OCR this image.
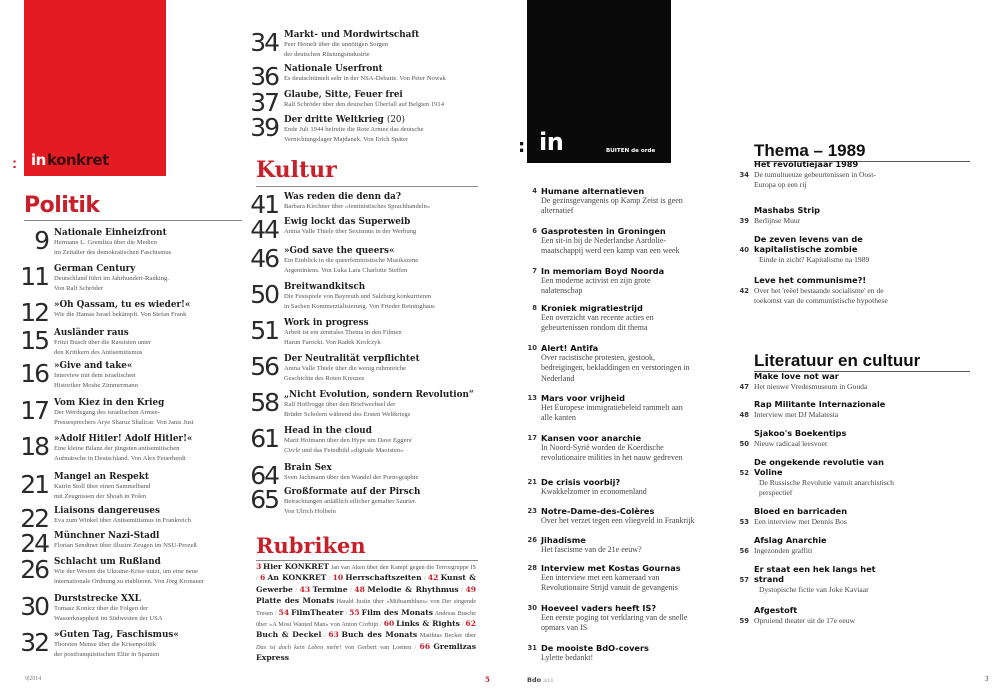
: in konkret
Politik
9 Nationale Einheizfront
Hermann L. Gremliza über die Medien
im Zeitalter des demokratischen Faschismus
11 German Century
Deutschland führt im Jahrhundert-Ranking.
Von Ralf Schröder
12 »Oh Qassam, tu es wieder!«
Wie die Hamas Israel bekämpft. Von Stefan Frank
15 Ausländer raus
Fritzi Busch über die Rassisten unter
den Kritikern des Antisemitismus
16 »Give and take«
Interview mit dem israelischen
Historiker Moshe Zimmermann
17 Vom Kiez in den Krieg
Der Werdegang des israelischen Armee-
Pressesprechers Arye Sharuz Shalicar. Von Janis Just
18 »Adolf Hitler! Adolf Hitler!«
Eine kleine Bilanz der jüngsten antisemitischen
Aufmärsche in Deutschland. Von Alex Feuerherdt
21 Mangel an Respekt
Katrin Stoll über einen Sammelband
mit Zeugnissen der Shoah in Polen
22 Liaisons dangereuses
Eva zum Winkel über Antisemitismus in Frankreich
24 Münchner Nazi-Stadl
Florian Sendtner über illustre Zeugen im NSU-Prozeß
26 Schlacht um Rußland
Wie der Westen die Ukraine-Krise nutzt, um eine neue
internationale Ordnung zu etablieren. Von Jörg Kronauer
30 Durststrecke XXL
Tomasz Konicz über die Folgen der
Wasserknappheit im Südwesten der USA
32 »Guten Tag, Faschismus«
Thorsten Mense über die Krisenpolitik
der postfranquistischen Elite in Spanien
34 Markt- und Mordwirtschaft
Peer Heinelt über die unnötigen Sorgen
der deutschen Rüstungsindustrie
36 Nationale Userfront
Es deutschtümelt sehr in der NSA-Debatte. Von Peter Nowak
37 Glaube, Sitte, Feuer frei
Ralf Schröder über den deutschen Überfall auf Belgien 1914
39 Der dritte Weltkrieg (20)
Ende Juli 1944 befreite die Rote Armee das deutsche
Vernichtungslager Majdanek. Von Erich Später
Kultur
41 Was reden die denn da?
Barbara Kirchner über »feministisches Sprachhandeln«
44 Ewig lockt das Superweib
Anina Valle Thiele über Sexismus in der Werbung
46 »God save the queers«
Ein Einblick in die queerfeministische Musikszene
Argentiniens. Von Luka Lara Charlotte Steffen
50 Breitwandkitsch
Die Festspiele von Bayreuth und Salzburg konkurrieren
in Sachen Kommerzialisierung. Von Frieder Reininghaus
51 Work in progress
Arbeit ist ein zentrales Thema in den Filmen
Harun Farocki. Von Radek Krolczyk
56 Der Neutralität verpflichtet
Anina Valle Thiele über die wenig ruhmreiche
Geschichte des Roten Kreuzes
58 „Nicht Evolution, sondern Revolution“
Ralf Hoffrogge über den Briefwechsel der
Brüder Scholem während des Ersten Weltkriegs
61 Head in the cloud
Marit Hofmann über den Hype um Dave Eggers'
Circle und das Feindbild »digitale Maoisten«
64 Brain Sex
Sven Jachmann über den Wandel der Pornographie
65 Großformate auf der Pirsch
Betrachtungen anläßlich etlicher gemalter Saurier.
Von Ulrich Holbein
Rubriken
3 Hier KONKRET Jan van Aken über den Kampf gegen die Terrorgruppe IS / 6 An KONKRET / 10 Herrschaftszeiten / 42 Kunst & Gewerbe / 43 Termine / 48 Melodie & Rhythmus / 49 Platte des Monats Harald Justin über »Mühsamblues« von Der singende Tresen / 54 FilmTheater / 55 Film des Monats Andreas Busche über »A Most Wanted Man« von Anton Corbijn / 60 Links & Rights / 62 Buch & Deckel / 63 Buch des Monats Matthias Becker über Das ist doch kein Leben mehr! von Gerbert van Loenen / 66 Gremlizas Express
9|2014	5
: in	BUITEN de orde
4 Humane alternatieven
De gezinsgevangenis op Kamp Zeist is geen
alternatief
6 Gasprotesten in Groningen
Een sit-in bij de Nederlandse Aardolie-
maatschappij werd een kamp van een week
7 In memoriam Boyd Noorda
Een moderne activist en zijn grote
nalatenschap
8 Kroniek migratiestrijd
Een overzicht van recente acties en
gebeurtenissen rondom dit thema
10 Alert! Antifa
Over racistische protesten, gestook,
bedreigingen, bekladdingen en verstoringen in
Nederland
13 Mars voor vrijheid
Het Europese immigratiebeleid rammelt aan
alle kanten
17 Kansen voor anarchie
In Noord-Syrië worden de Koerdische
revolutionaire milities in het nauw gedreven
21 De crisis voorbij?
Kwakkelzomer in economenland
23 Notre-Dame-des-Colères
Over het verzet tegen een vliegveld in Frankrijk
26 Jihadisme
Het fascisme van de 21e eeuw?
28 Interview met Kostas Gournas
Een interview met een kameraad van
Revolutionaire Strijd vanuit de gevangenis
30 Hoeveel vaders heeft IS?
Een eerste poging tot verklaring van de snelle
opmars van IS
31 De mooiste BdO-covers
Lylette bedankt!
Thema – 1989
Het revolutiejaar 1989
34 De tumultueuze gebeurtenissen in Oost-
Europa op een rij
Mashabs Strip
39 Berlijnse Muur
De zeven levens van de
40 kapitalistische zombie
Einde in zicht? Kapitalisme na 1989
Leve het communisme?!
42 Over het 'reëel bestaande socialisme' en de
toekomst van de communistische hypothese
Literatuur en cultuur
Make love not war
47 Het nieuwe Vredesmuseum in Gouda
Rap Militante Internazionale
48 Interview met DJ Malatesta
Sjakoo's Boekentips
50 Nieuw radicaal leesvoer
De ongekende revolutie van
52 Voline
De Russische Revolutie vanuit anarchistisch
perspectief
Bloed en barricaden
53 Een interview met Dennis Bos
Afslag Anarchie
56 Ingezonden graffiti
Er staat een hek langs het
57 strand
Dystopische fictie van Joke Kaviaar
Afgestoft
59 Opruiend theater uit de 17e eeuw
Bdo 3/14	3
